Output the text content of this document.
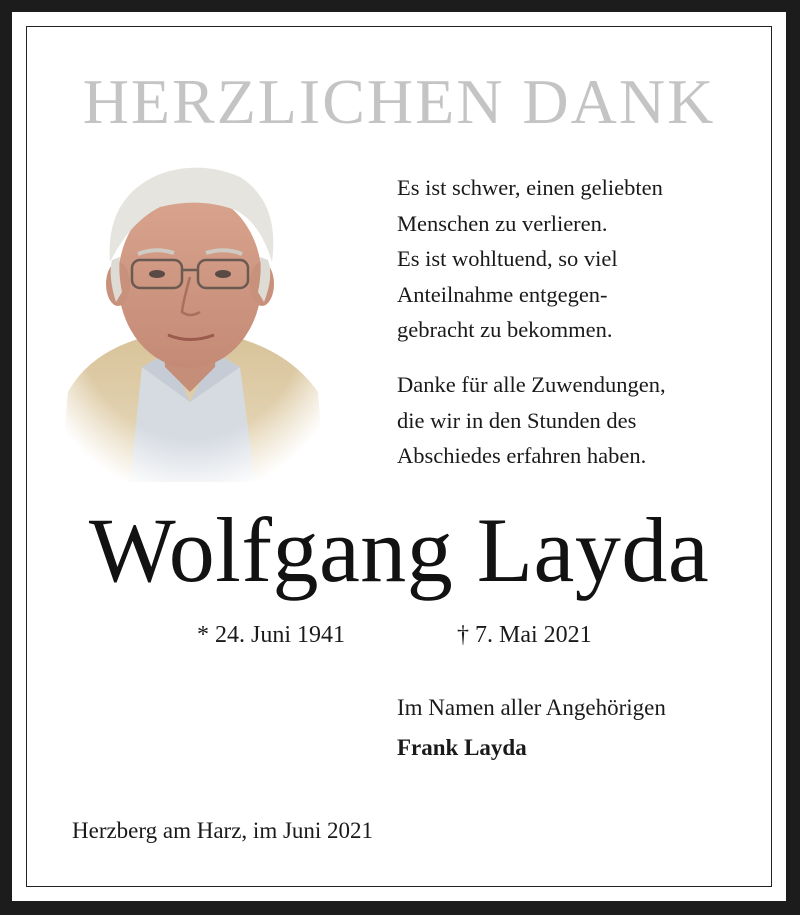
HERZLICHEN DANK
Es ist schwer, einen geliebten
Menschen zu verlieren.
Es ist wohltuend, so viel
Anteilnahme entgegen-
gebracht zu bekommen.
Danke für alle Zuwendungen,
die wir in den Stunden des
Abschiedes erfahren haben.
Wolfgang Layda
* 24. Juni 1941	† 7. Mai 2021
Im Namen aller Angehörigen
Frank Layda
Herzberg am Harz, im Juni 2021
